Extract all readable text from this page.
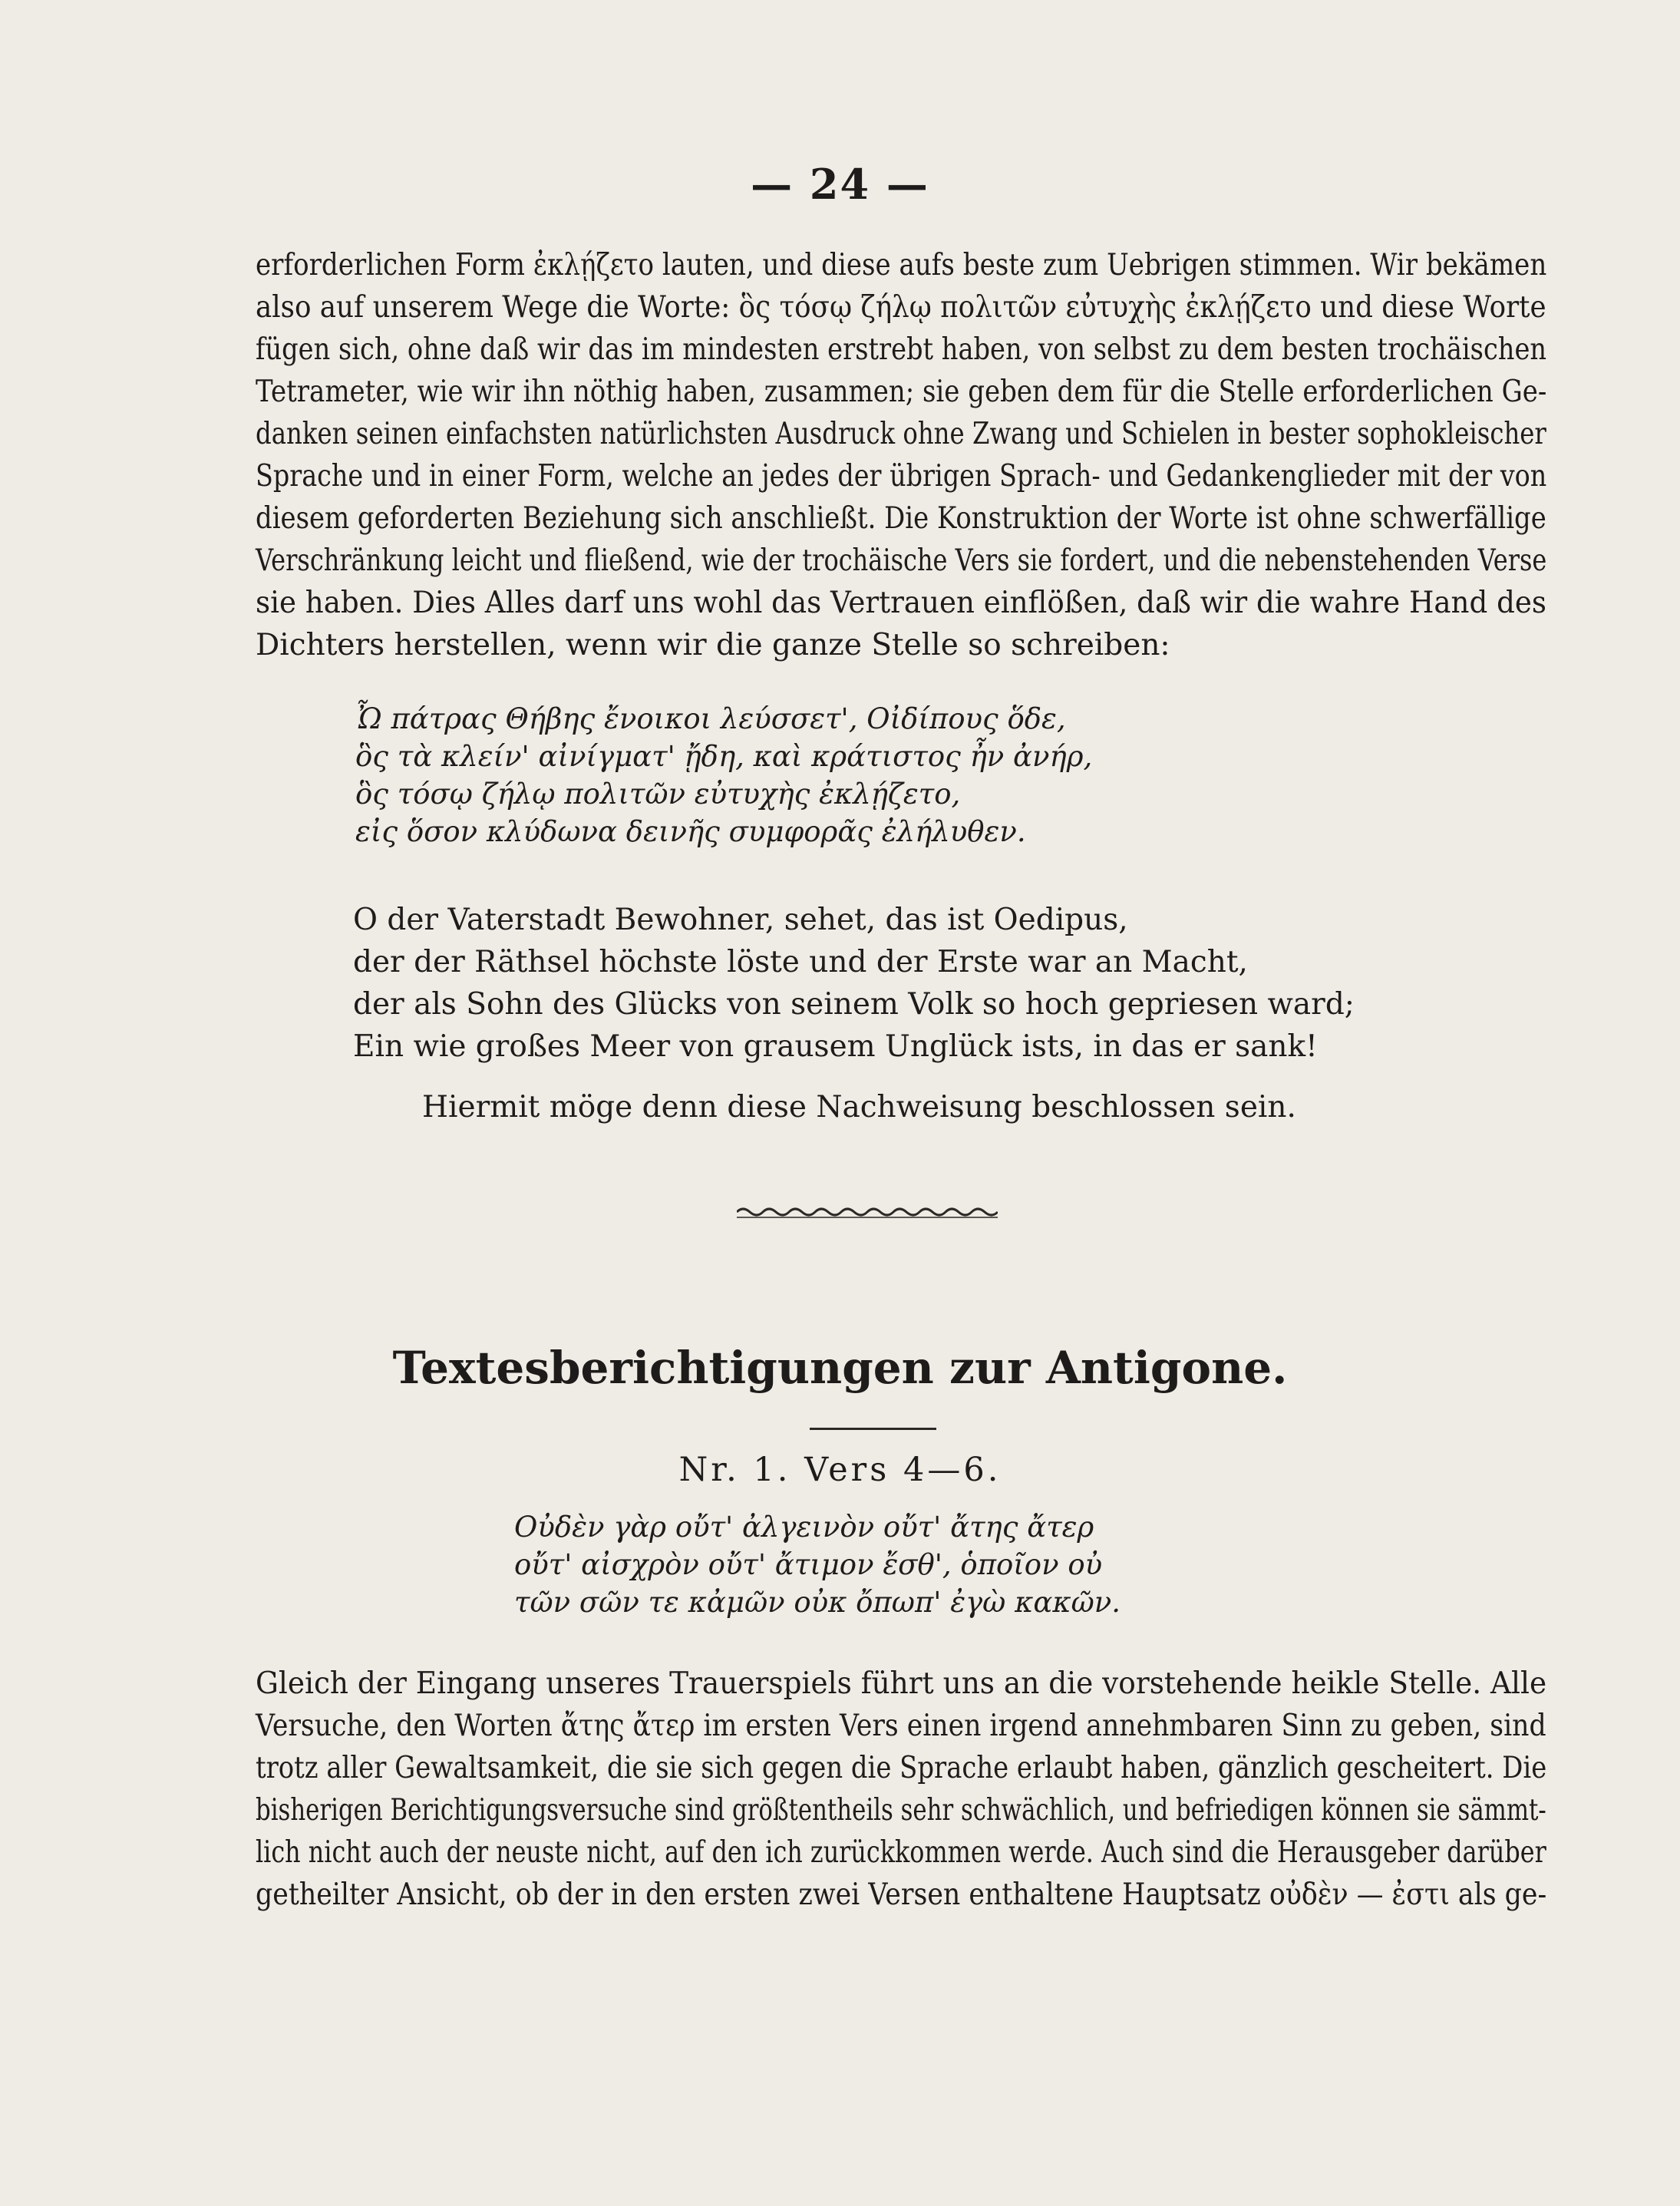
— 24 —
erforderlichen Form ἐκλῄζετο lauten, und diese aufs beste zum Uebrigen stimmen. Wir bekämen
also auf unserem Wege die Worte: ὃς τόσῳ ζήλῳ πολιτῶν εὐτυχὴς ἐκλῄζετο und diese Worte
fügen sich, ohne daß wir das im mindesten erstrebt haben, von selbst zu dem besten trochäischen
Tetrameter, wie wir ihn nöthig haben, zusammen; sie geben dem für die Stelle erforderlichen Ge-
danken seinen einfachsten natürlichsten Ausdruck ohne Zwang und Schielen in bester sophokleischer
Sprache und in einer Form, welche an jedes der übrigen Sprach- und Gedankenglieder mit der von
diesem geforderten Beziehung sich anschließt. Die Konstruktion der Worte ist ohne schwerfällige
Verschränkung leicht und fließend, wie der trochäische Vers sie fordert, und die nebenstehenden Verse
sie haben. Dies Alles darf uns wohl das Vertrauen einflößen, daß wir die wahre Hand des
Dichters herstellen, wenn wir die ganze Stelle so schreiben:
Ὦ πάτρας Θήβης ἔνοικοι λεύσσετ', Οἰδίπους ὅδε,
ὃς τὰ κλείν' αἰνίγματ' ᾔδη, καὶ κράτιστος ἦν ἀνήρ,
ὃς τόσῳ ζήλῳ πολιτῶν εὐτυχὴς ἐκλῄζετο,
εἰς ὅσον κλύδωνα δεινῆς συμφορᾶς ἐλήλυθεν.
O der Vaterstadt Bewohner, sehet, das ist Oedipus,
der der Räthsel höchste löste und der Erste war an Macht,
der als Sohn des Glücks von seinem Volk so hoch gepriesen ward;
Ein wie großes Meer von grausem Unglück ists, in das er sank!

Hiermit möge denn diese Nachweisung beschlossen sein.

Textesberichtigungen zur Antigone.

Nr. 1. Vers 4—6.

Οὐδὲν γὰρ οὔτ' ἀλγεινὸν οὔτ' ἄτης ἄτερ
οὔτ' αἰσχρὸν οὔτ' ἄτιμον ἔσθ', ὁποῖον οὐ
τῶν σῶν τε κἀμῶν οὐκ ὄπωπ' ἐγὼ κακῶν.
Gleich der Eingang unseres Trauerspiels führt uns an die vorstehende heikle Stelle. Alle
Versuche, den Worten ἄτης ἄτερ im ersten Vers einen irgend annehmbaren Sinn zu geben, sind
trotz aller Gewaltsamkeit, die sie sich gegen die Sprache erlaubt haben, gänzlich gescheitert. Die
bisherigen Berichtigungsversuche sind größtentheils sehr schwächlich, und befriedigen können sie sämmt-
lich nicht auch der neuste nicht, auf den ich zurückkommen werde. Auch sind die Herausgeber darüber
getheilter Ansicht, ob der in den ersten zwei Versen enthaltene Hauptsatz οὐδὲν — ἐστι als ge-
